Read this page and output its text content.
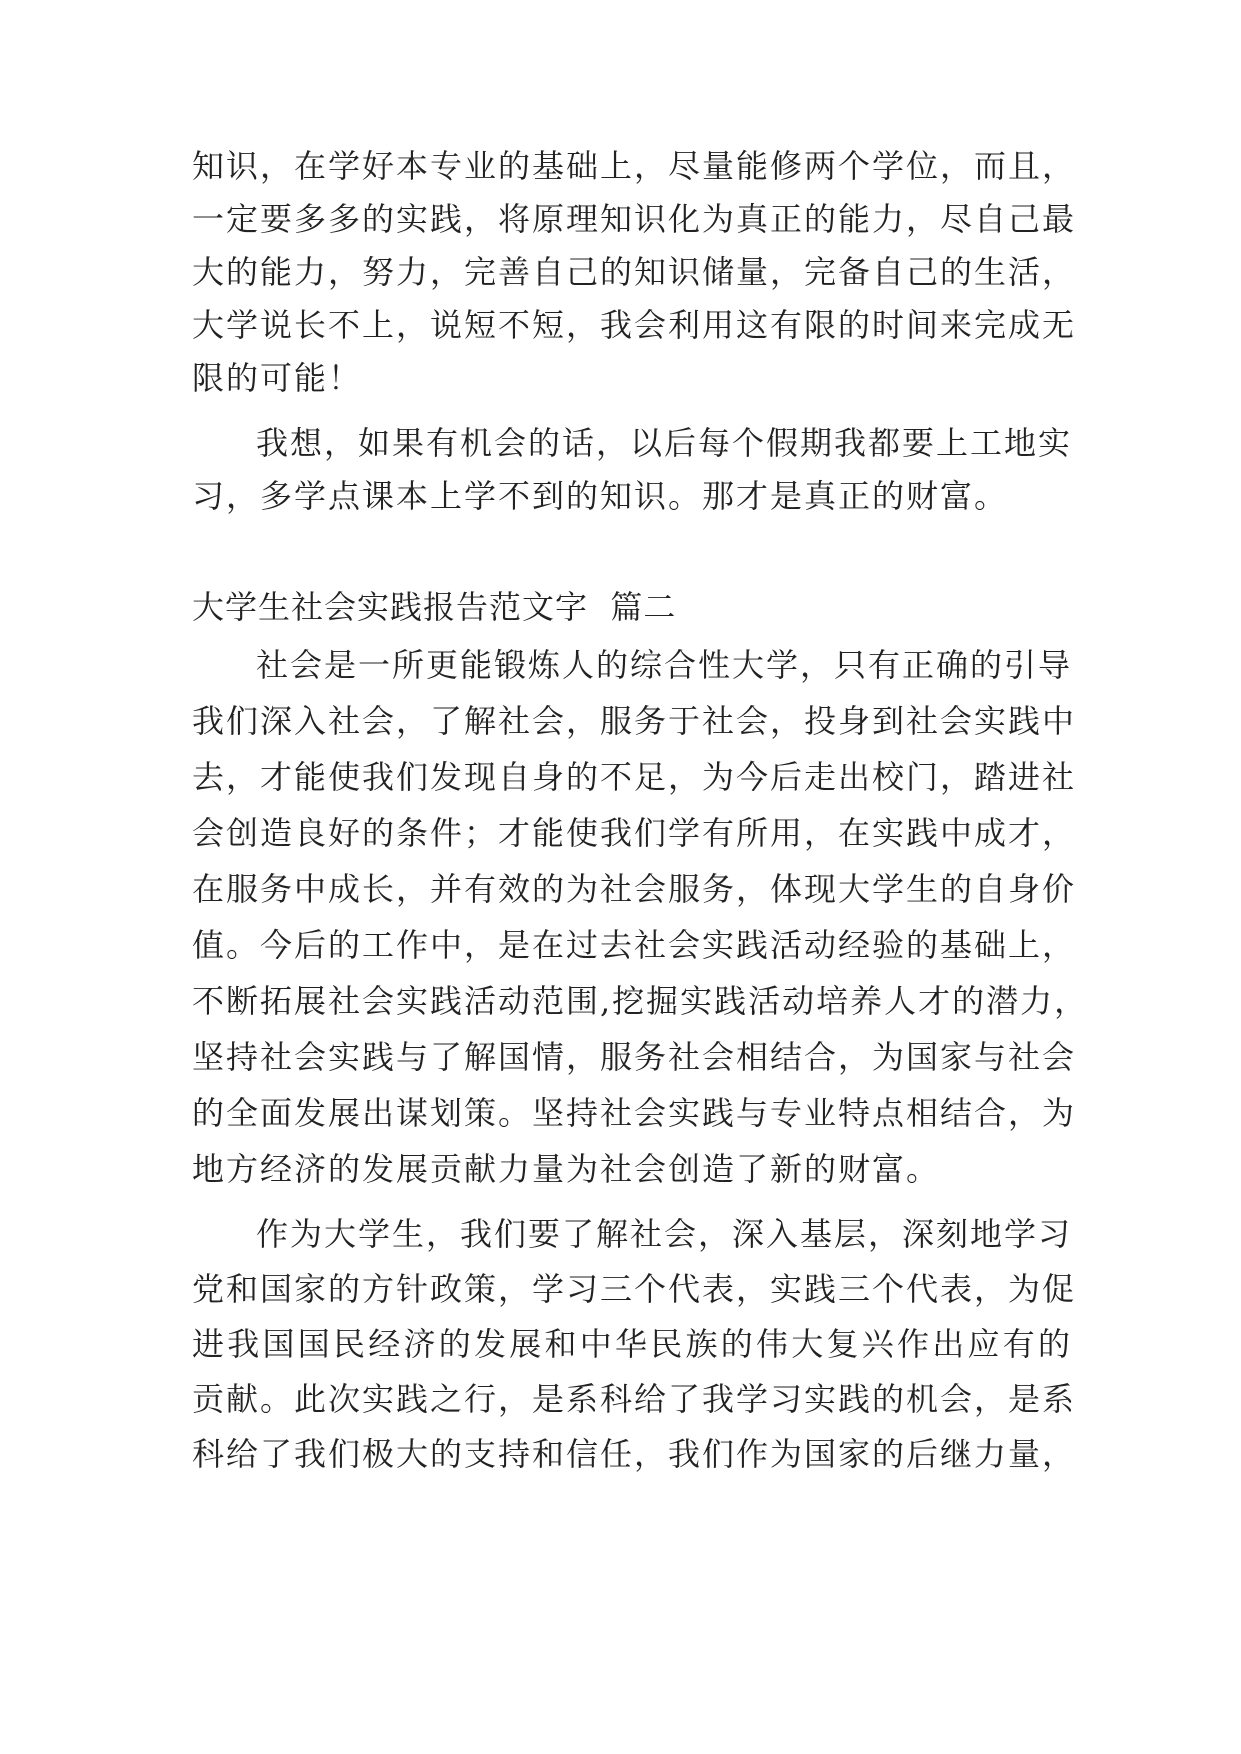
知识，在学好本专业的基础上，尽量能修两个学位，而且，
一定要多多的实践，将原理知识化为真正的能力，尽自己最
大的能力，努力，完善自己的知识储量，完备自己的生活，
大学说长不上，说短不短，我会利用这有限的时间来完成无
限的可能！
我想，如果有机会的话，以后每个假期我都要上工地实
习，多学点课本上学不到的知识。那才是真正的财富。
大学生社会实践报告范文字  篇二
社会是一所更能锻炼人的综合性大学，只有正确的引导
我们深入社会，了解社会，服务于社会，投身到社会实践中
去，才能使我们发现自身的不足，为今后走出校门，踏进社
会创造良好的条件；才能使我们学有所用，在实践中成才，
在服务中成长，并有效的为社会服务，体现大学生的自身价
值。今后的工作中，是在过去社会实践活动经验的基础上，
不断拓展社会实践活动范围,挖掘实践活动培养人才的潜力，
坚持社会实践与了解国情，服务社会相结合，为国家与社会
的全面发展出谋划策。坚持社会实践与专业特点相结合，为
地方经济的发展贡献力量为社会创造了新的财富。
作为大学生，我们要了解社会，深入基层，深刻地学习
党和国家的方针政策，学习三个代表，实践三个代表，为促
进我国国民经济的发展和中华民族的伟大复兴作出应有的
贡献。此次实践之行，是系科给了我学习实践的机会，是系
科给了我们极大的支持和信任，我们作为国家的后继力量，
